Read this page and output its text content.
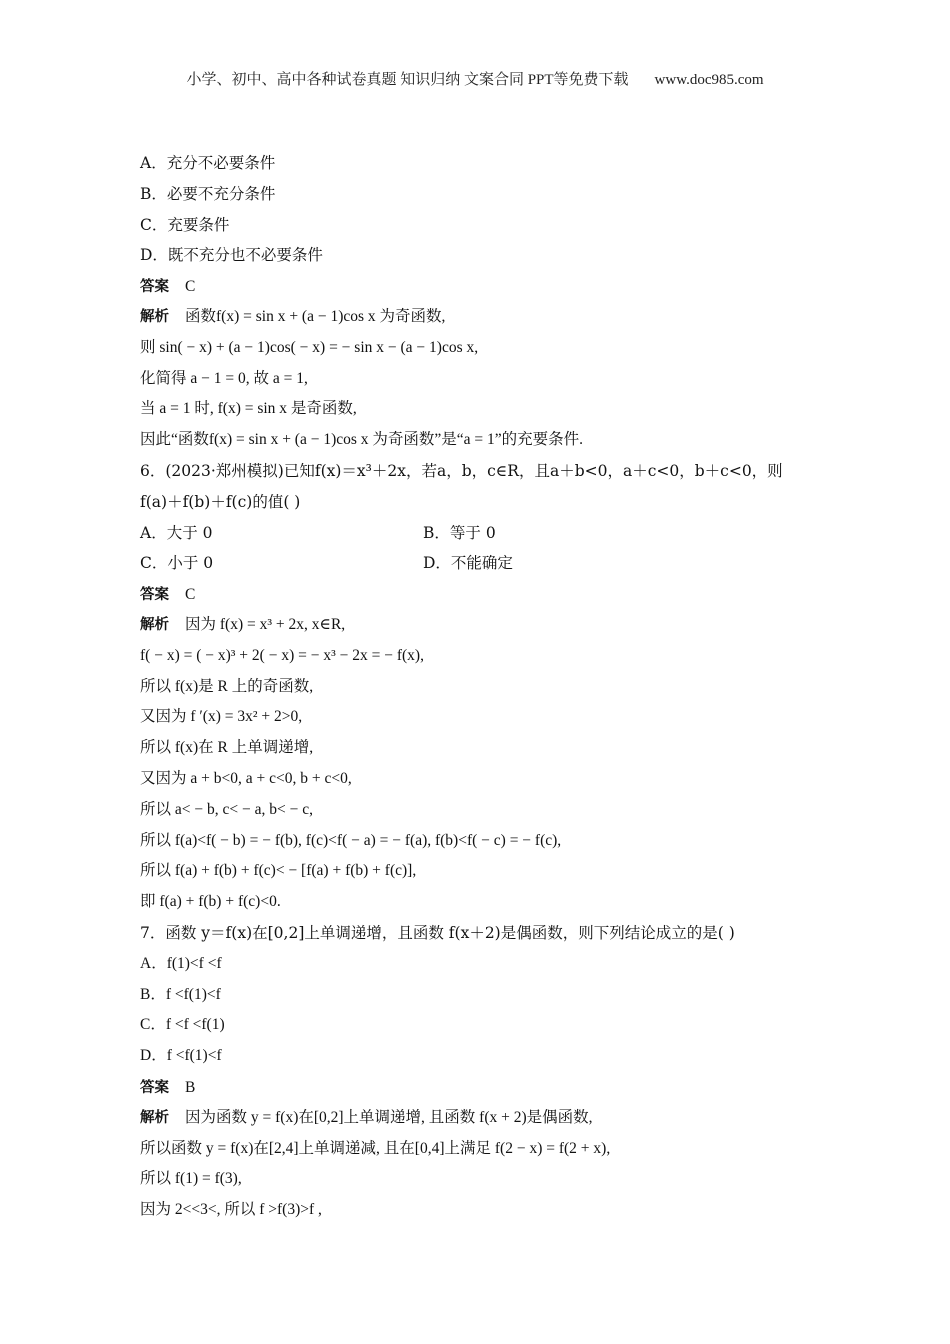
小学、初中、高中各种试卷真题 知识归纳 文案合同 PPT等免费下载 www.doc985.com
A．充分不必要条件
B．必要不充分条件
C．充要条件
D．既不充分也不必要条件
答案 C
解析 函数f(x) = sin x + (a − 1)cos x 为奇函数,
则 sin( − x) + (a − 1)cos( − x) = − sin x − (a − 1)cos x,
化简得 a − 1 = 0, 故 a = 1,
当 a = 1 时, f(x) = sin x 是奇函数,
因此“函数f(x) = sin x + (a − 1)cos x 为奇函数”是“a = 1”的充要条件.
6．(2023·郑州模拟)已知f(x)＝x³＋2x，若a，b，c∈R，且a＋b<0，a＋c<0，b＋c<0，则
f(a)＋f(b)＋f(c)的值( )
A．大于 0	B．等于 0
C．小于 0	D．不能确定
答案 C
解析 因为 f(x) = x³ + 2x, x∈R,
f( − x) = ( − x)³ + 2( − x) = − x³ − 2x = − f(x),
所以 f(x)是 R 上的奇函数,
又因为 f ′(x) = 3x² + 2>0,
所以 f(x)在 R 上单调递增,
又因为 a + b<0, a + c<0, b + c<0,
所以 a< − b, c< − a, b< − c,
所以 f(a)<f( − b) = − f(b), f(c)<f( − a) = − f(a), f(b)<f( − c) = − f(c),
所以 f(a) + f(b) + f(c)< − [f(a) + f(b) + f(c)],
即 f(a) + f(b) + f(c)<0.
7．函数 y＝f(x)在[0,2]上单调递增，且函数 f(x＋2)是偶函数，则下列结论成立的是( )
A．f(1)<f <f
B．f <f(1)<f
C．f <f <f(1)
D．f <f(1)<f
答案 B
解析 因为函数 y = f(x)在[0,2]上单调递增, 且函数 f(x + 2)是偶函数,
所以函数 y = f(x)在[2,4]上单调递减, 且在[0,4]上满足 f(2 − x) = f(2 + x),
所以 f(1) = f(3),
因为 2<<3<, 所以 f >f(3)>f ,
